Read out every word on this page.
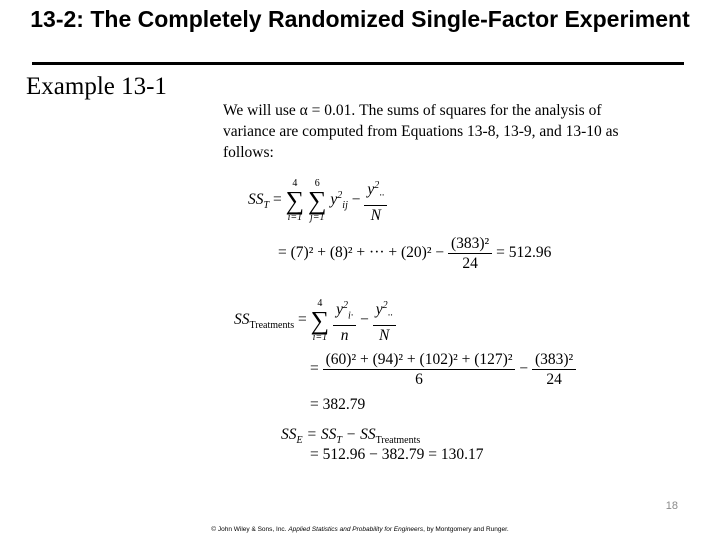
13-2: The Completely Randomized Single-Factor Experiment
Example 13-1
We will use α = 0.01. The sums of squares for the analysis of variance are computed from Equations 13-8, 13-9, and 13-10 as follows:
$SS_T$ =
4
∑
i=1

6
∑
j=1
$y^2_{ij} - \frac{y^2_{\cdot\cdot}}{N}$
= (7)² + (8)² + ··· + $(20)^2 - \frac{\text{(383)²}}{24} = 512.96$
$SS_{Treatments}$ =
4
∑
i=1
$\frac{y^2_{i\cdot}}{n} - \frac{y^2_{\cdot\cdot}}{N}$
= $\frac{\text{(60)² + (94)² + (102)² + (127)²}}{6} - \frac{\text{(383)²}}{24}$
= 382.79
$SS_E = SS_T - SS_{Treatments}$
= 512.96 − 382.79 = 130.17
18
© John Wiley & Sons, Inc. Applied Statistics and Probability for Engineers, by Montgomery and Runger.
